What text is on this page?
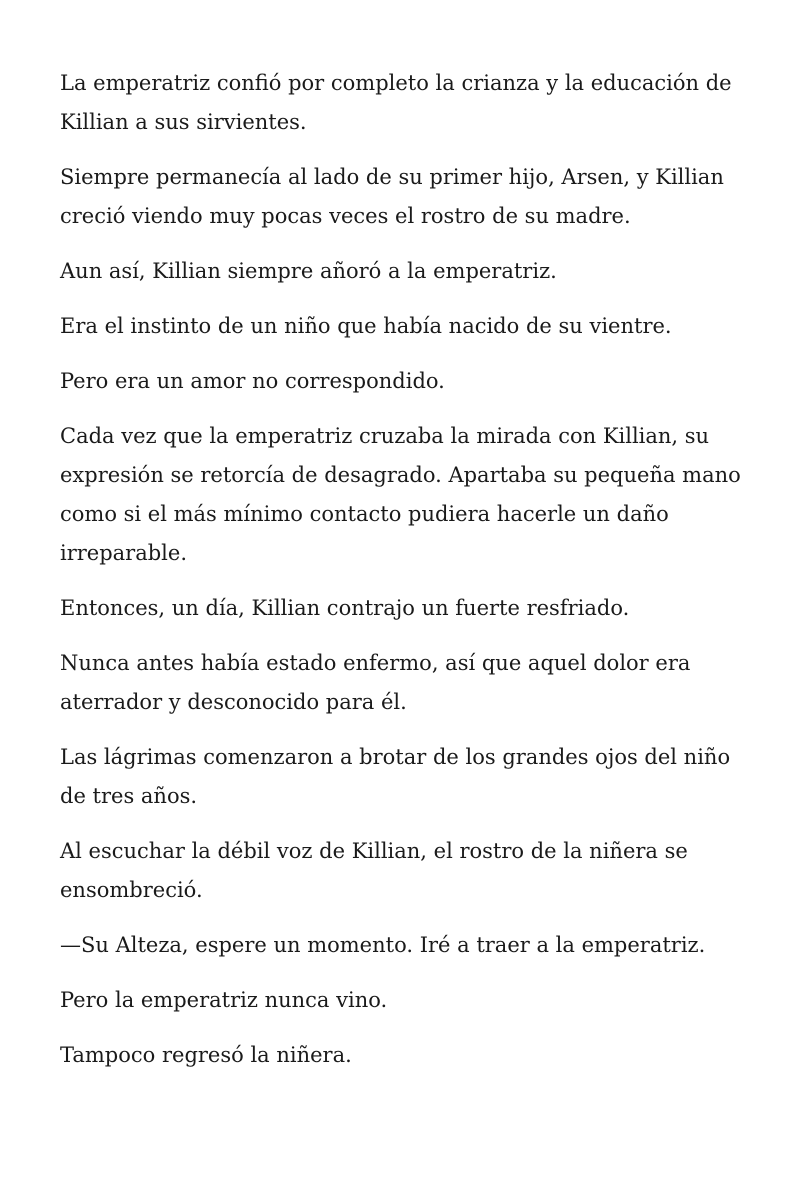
La emperatriz confió por completo la crianza y la educación de Killian a sus sirvientes.

Siempre permanecía al lado de su primer hijo, Arsen, y Killian creció viendo muy pocas veces el rostro de su madre.

Aun así, Killian siempre añoró a la emperatriz.

Era el instinto de un niño que había nacido de su vientre.

Pero era un amor no correspondido.

Cada vez que la emperatriz cruzaba la mirada con Killian, su expresión se retorcía de desagrado. Apartaba su pequeña mano como si el más mínimo contacto pudiera hacerle un daño irreparable.

Entonces, un día, Killian contrajo un fuerte resfriado.

Nunca antes había estado enfermo, así que aquel dolor era aterrador y desconocido para él.

Las lágrimas comenzaron a brotar de los grandes ojos del niño de tres años.

Al escuchar la débil voz de Killian, el rostro de la niñera se ensombreció.

—Su Alteza, espere un momento. Iré a traer a la emperatriz.

Pero la emperatriz nunca vino.

Tampoco regresó la niñera.
